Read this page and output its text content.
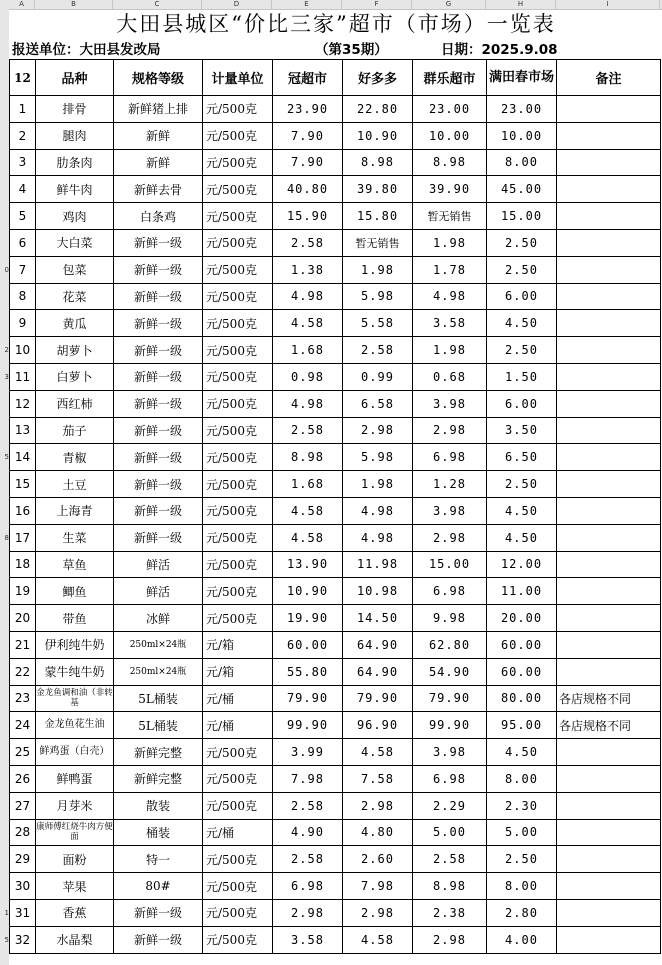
A	B	C	D	E	F	G	H	I
0
2
3
5
8
1
5
大田县城区“价比三家”超市（市场）一览表
报送单位：大田县发改局	（第35期）	日期：2025.9.08
12	品种	规格等级	计量单位	冠超市	好多多	群乐超市	满田春市场	备注
1	排骨	新鲜猪上排	元/500克	23.90	22.80	23.00	23.00	
2	腿肉	新鲜	元/500克	7.90	10.90	10.00	10.00	
3	肋条肉	新鲜	元/500克	7.90	8.98	8.98	8.00	
4	鲜牛肉	新鲜去骨	元/500克	40.80	39.80	39.90	45.00	
5	鸡肉	白条鸡	元/500克	15.90	15.80	暂无销售	15.00	
6	大白菜	新鲜一级	元/500克	2.58	暂无销售	1.98	2.50	
7	包菜	新鲜一级	元/500克	1.38	1.98	1.78	2.50	
8	花菜	新鲜一级	元/500克	4.98	5.98	4.98	6.00	
9	黄瓜	新鲜一级	元/500克	4.58	5.58	3.58	4.50	
10	胡萝卜	新鲜一级	元/500克	1.68	2.58	1.98	2.50	
11	白萝卜	新鲜一级	元/500克	0.98	0.99	0.68	1.50	
12	西红柿	新鲜一级	元/500克	4.98	6.58	3.98	6.00	
13	茄子	新鲜一级	元/500克	2.58	2.98	2.98	3.50	
14	青椒	新鲜一级	元/500克	8.98	5.98	6.98	6.50	
15	土豆	新鲜一级	元/500克	1.68	1.98	1.28	2.50	
16	上海青	新鲜一级	元/500克	4.58	4.98	3.98	4.50	
17	生菜	新鲜一级	元/500克	4.58	4.98	2.98	4.50	
18	草鱼	鲜活	元/500克	13.90	11.98	15.00	12.00	
19	鲫鱼	鲜活	元/500克	10.90	10.98	6.98	11.00	
20	带鱼	冰鲜	元/500克	19.90	14.50	9.98	20.00	
21	伊利纯牛奶	250ml×24瓶	元/箱	60.00	64.90	62.80	60.00	
22	蒙牛纯牛奶	250ml×24瓶	元/箱	55.80	64.90	54.90	60.00	
23	金龙鱼调和油（非转基	5L桶装	元/桶	79.90	79.90	79.90	80.00	各店规格不同
24	金龙鱼花生油	5L桶装	元/桶	99.90	96.90	99.90	95.00	各店规格不同
25	鲜鸡蛋（白壳）	新鲜完整	元/500克	3.99	4.58	3.98	4.50	
26	鲜鸭蛋	新鲜完整	元/500克	7.98	7.58	6.98	8.00	
27	月芽米	散装	元/500克	2.58	2.98	2.29	2.30	
28	康师傅红烧牛肉方便面	桶装	元/桶	4.90	4.80	5.00	5.00	
29	面粉	特一	元/500克	2.58	2.60	2.58	2.50	
30	苹果	80#	元/500克	6.98	7.98	8.98	8.00	
31	香蕉	新鲜一级	元/500克	2.98	2.98	2.38	2.80	
32	水晶梨	新鲜一级	元/500克	3.58	4.58	2.98	4.00	
